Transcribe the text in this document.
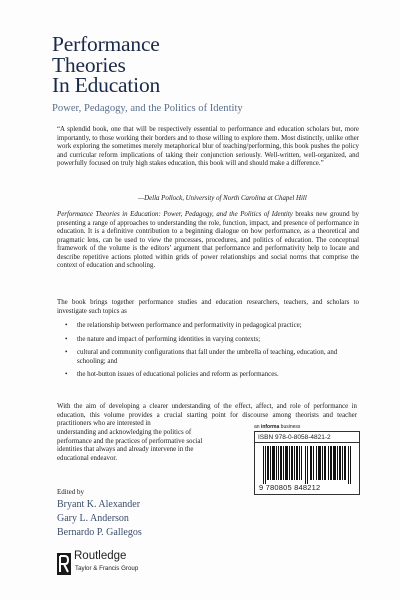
Performance
Theories
In Education
Power, Pedagogy, and the Politics of Identity

“A splendid book, one that will be respectively essential to performance and education scholars but, more importantly, to those working their borders and to those willing to explore them. Most distinctly, unlike other work exploring the sometimes merely metaphorical blur of teaching/performing, this book pushes the policy and curricular reform implications of taking their conjunction seriously. Well-written, well-organized, and powerfully focused on truly high stakes education, this book will and should make a difference.”

—Della Pollock, University of North Carolina at Chapel Hill

Performance Theories in Education: Power, Pedagogy, and the Politics of Identity breaks new ground by presenting a range of approaches to understanding the role, function, impact, and presence of performance in education. It is a definitive contribution to a beginning dialogue on how performance, as a theoretical and pragmatic lens, can be used to view the processes, procedures, and politics of education. The conceptual framework of the volume is the editors’ argument that performance and performativity help to locate and describe repetitive actions plotted within grids of power relationships and social norms that comprise the context of education and schooling.

The book brings together performance studies and education researchers, teachers, and scholars to investigate such topics as

• the relationship between performance and performativity in pedagogical practice;
• the nature and impact of performing identities in varying contexts;
• cultural and community configurations that fall under the umbrella of teaching, education, and schooling; and
• the hot-button issues of educational policies and reform as performances.

With the aim of developing a clearer understanding of the effect, affect, and role of performance in education, this volume provides a crucial starting point for discourse among theorists and teacher practitioners who are interested in

understanding and acknowledging the politics of performance and the practices of performative social identities that always and already intervene in the educational endeavor.

Edited by
Bryant K. Alexander
Gary L. Anderson
Bernardo P. Gallegos
an informa business
ISBN 978-0-8058-4821-2
9 780805 848212
Routledge
Taylor & Francis Group
